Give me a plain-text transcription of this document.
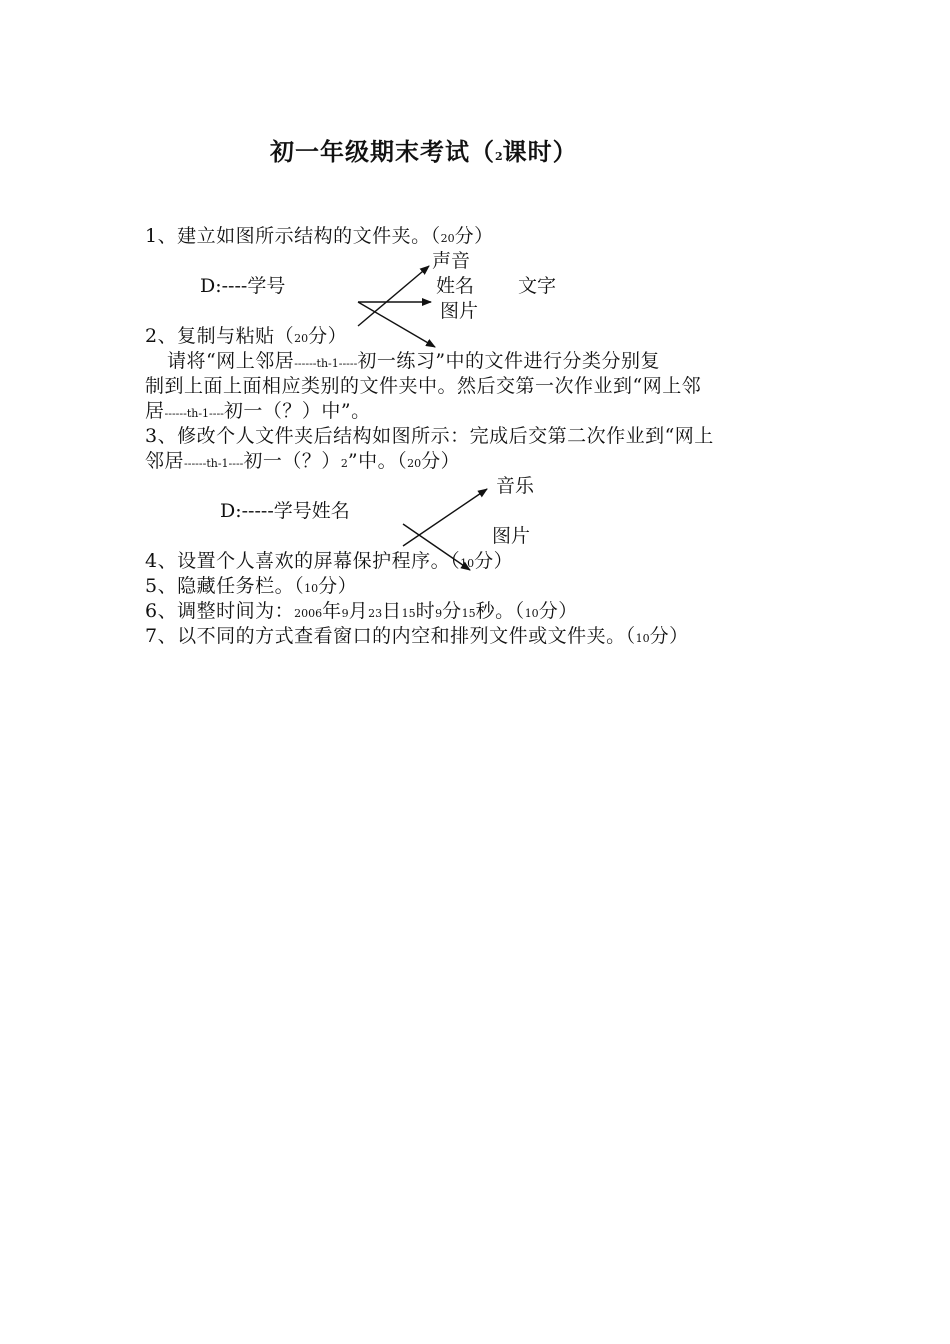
初一年级期末考试（2课时）
1、建立如图所示结构的文件夹。（20分）
声音
D:----学号	姓名 文字
图片
2、复制与粘贴（20分）
请将“网上邻居------th-1-----初一练习”中的文件进行分类分别复
制到上面上面相应类别的文件夹中。然后交第一次作业到“网上邻
居------th-1----初一（？）中”。
3、修改个人文件夹后结构如图所示：完成后交第二次作业到“网上
邻居------th-1----初一（？）2”中。（20分）
音乐
D:-----学号姓名
图片
4、设置个人喜欢的屏幕保护程序。（10分）
5、隐藏任务栏。（10分）
6、调整时间为：2006年9月23日15时9分15秒。（10分）
7、以不同的方式查看窗口的内空和排列文件或文件夹。（10分）
